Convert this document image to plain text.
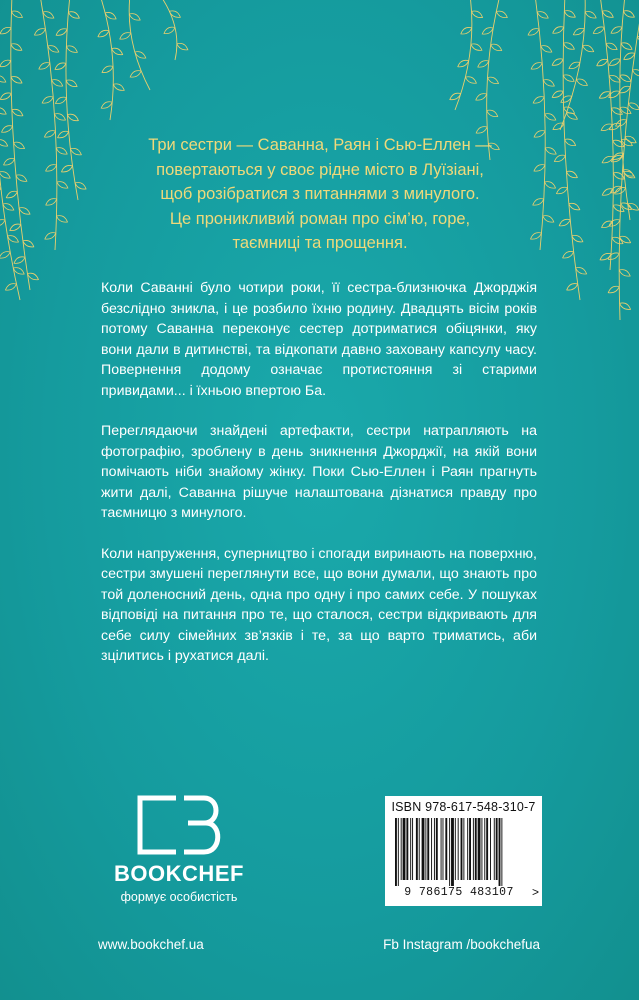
Три сестри — Саванна, Раян і Сью-Еллен —

повертаються у своє рідне місто в Луїзіані,

щоб розібратися з питаннями з минулого.

Це проникливий роман про сім’ю, горе,

таємниці та прощення.

Коли Саванні було чотири роки, її сестра-близнючка Джорджія безслідно зникла, і це розбило їхню родину. Двадцять вісім років потому Саванна переконує сестер дотриматися обіцянки, яку вони дали в дитинстві, та відкопати давно заховану капсулу часу. Повернення додому означає протистояння зі старими привидами... і їхньою впертою Ба.

Переглядаючи знайдені артефакти, сестри натрапляють на фотографію, зроблену в день зникнення Джорджії, на якій вони помічають ніби знайому жінку. Поки Сью-Еллен і Раян прагнуть жити далі, Саванна рішуче налаштована дізнатися правду про таємницю з минулого.

Коли напруження, суперництво і спогади виринають на поверхню, сестри змушені переглянути все, що вони думали, що знають про той доленосний день, одна про одну і про самих себе. У пошуках відповіді на питання про те, що сталося, сестри відкривають для себе силу сімейних зв’язків і те, за що варто триматись, аби зцілитись і рухатися далі.

BOOKCHEF
формує особистість
ISBN 978-617-548-310-7
9 786175 483107	>
www.bookchef.ua	Fb Instagram /bookchefua
